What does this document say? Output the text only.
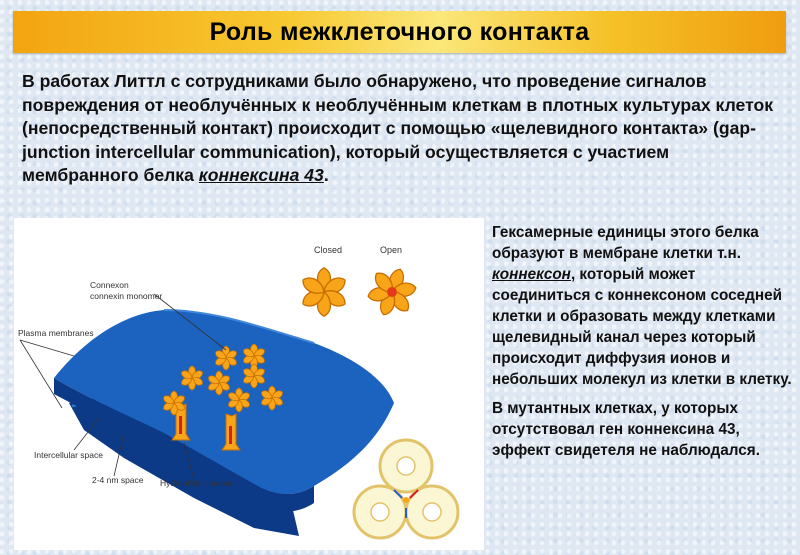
Роль межклеточного контакта
В работах Литтл с сотрудниками было обнаружено, что проведение сигналов повреждения от необлучённых к необлучённым клеткам в плотных культурах клеток (непосредственный контакт) происходит с помощью «щелевидного контакта» (gap-junction intercellular communication), который осуществляется с участием мембранного белка коннексина 43.
Closed	Open
Connexon
connexin monomer
Plasma membranes
Intercellular space
2-4 nm space Hydrophilic channel

Гексамерные единицы этого белка образуют в мембране клетки т.н. коннексон, который может соединиться с коннексоном соседней клетки и образовать между клетками щелевидный канал через который происходит диффузия ионов и небольших молекул из клетки в клетку.

В мутантных клетках, у которых отсутствовал ген коннексина 43, эффект свидетеля не наблюдался.
